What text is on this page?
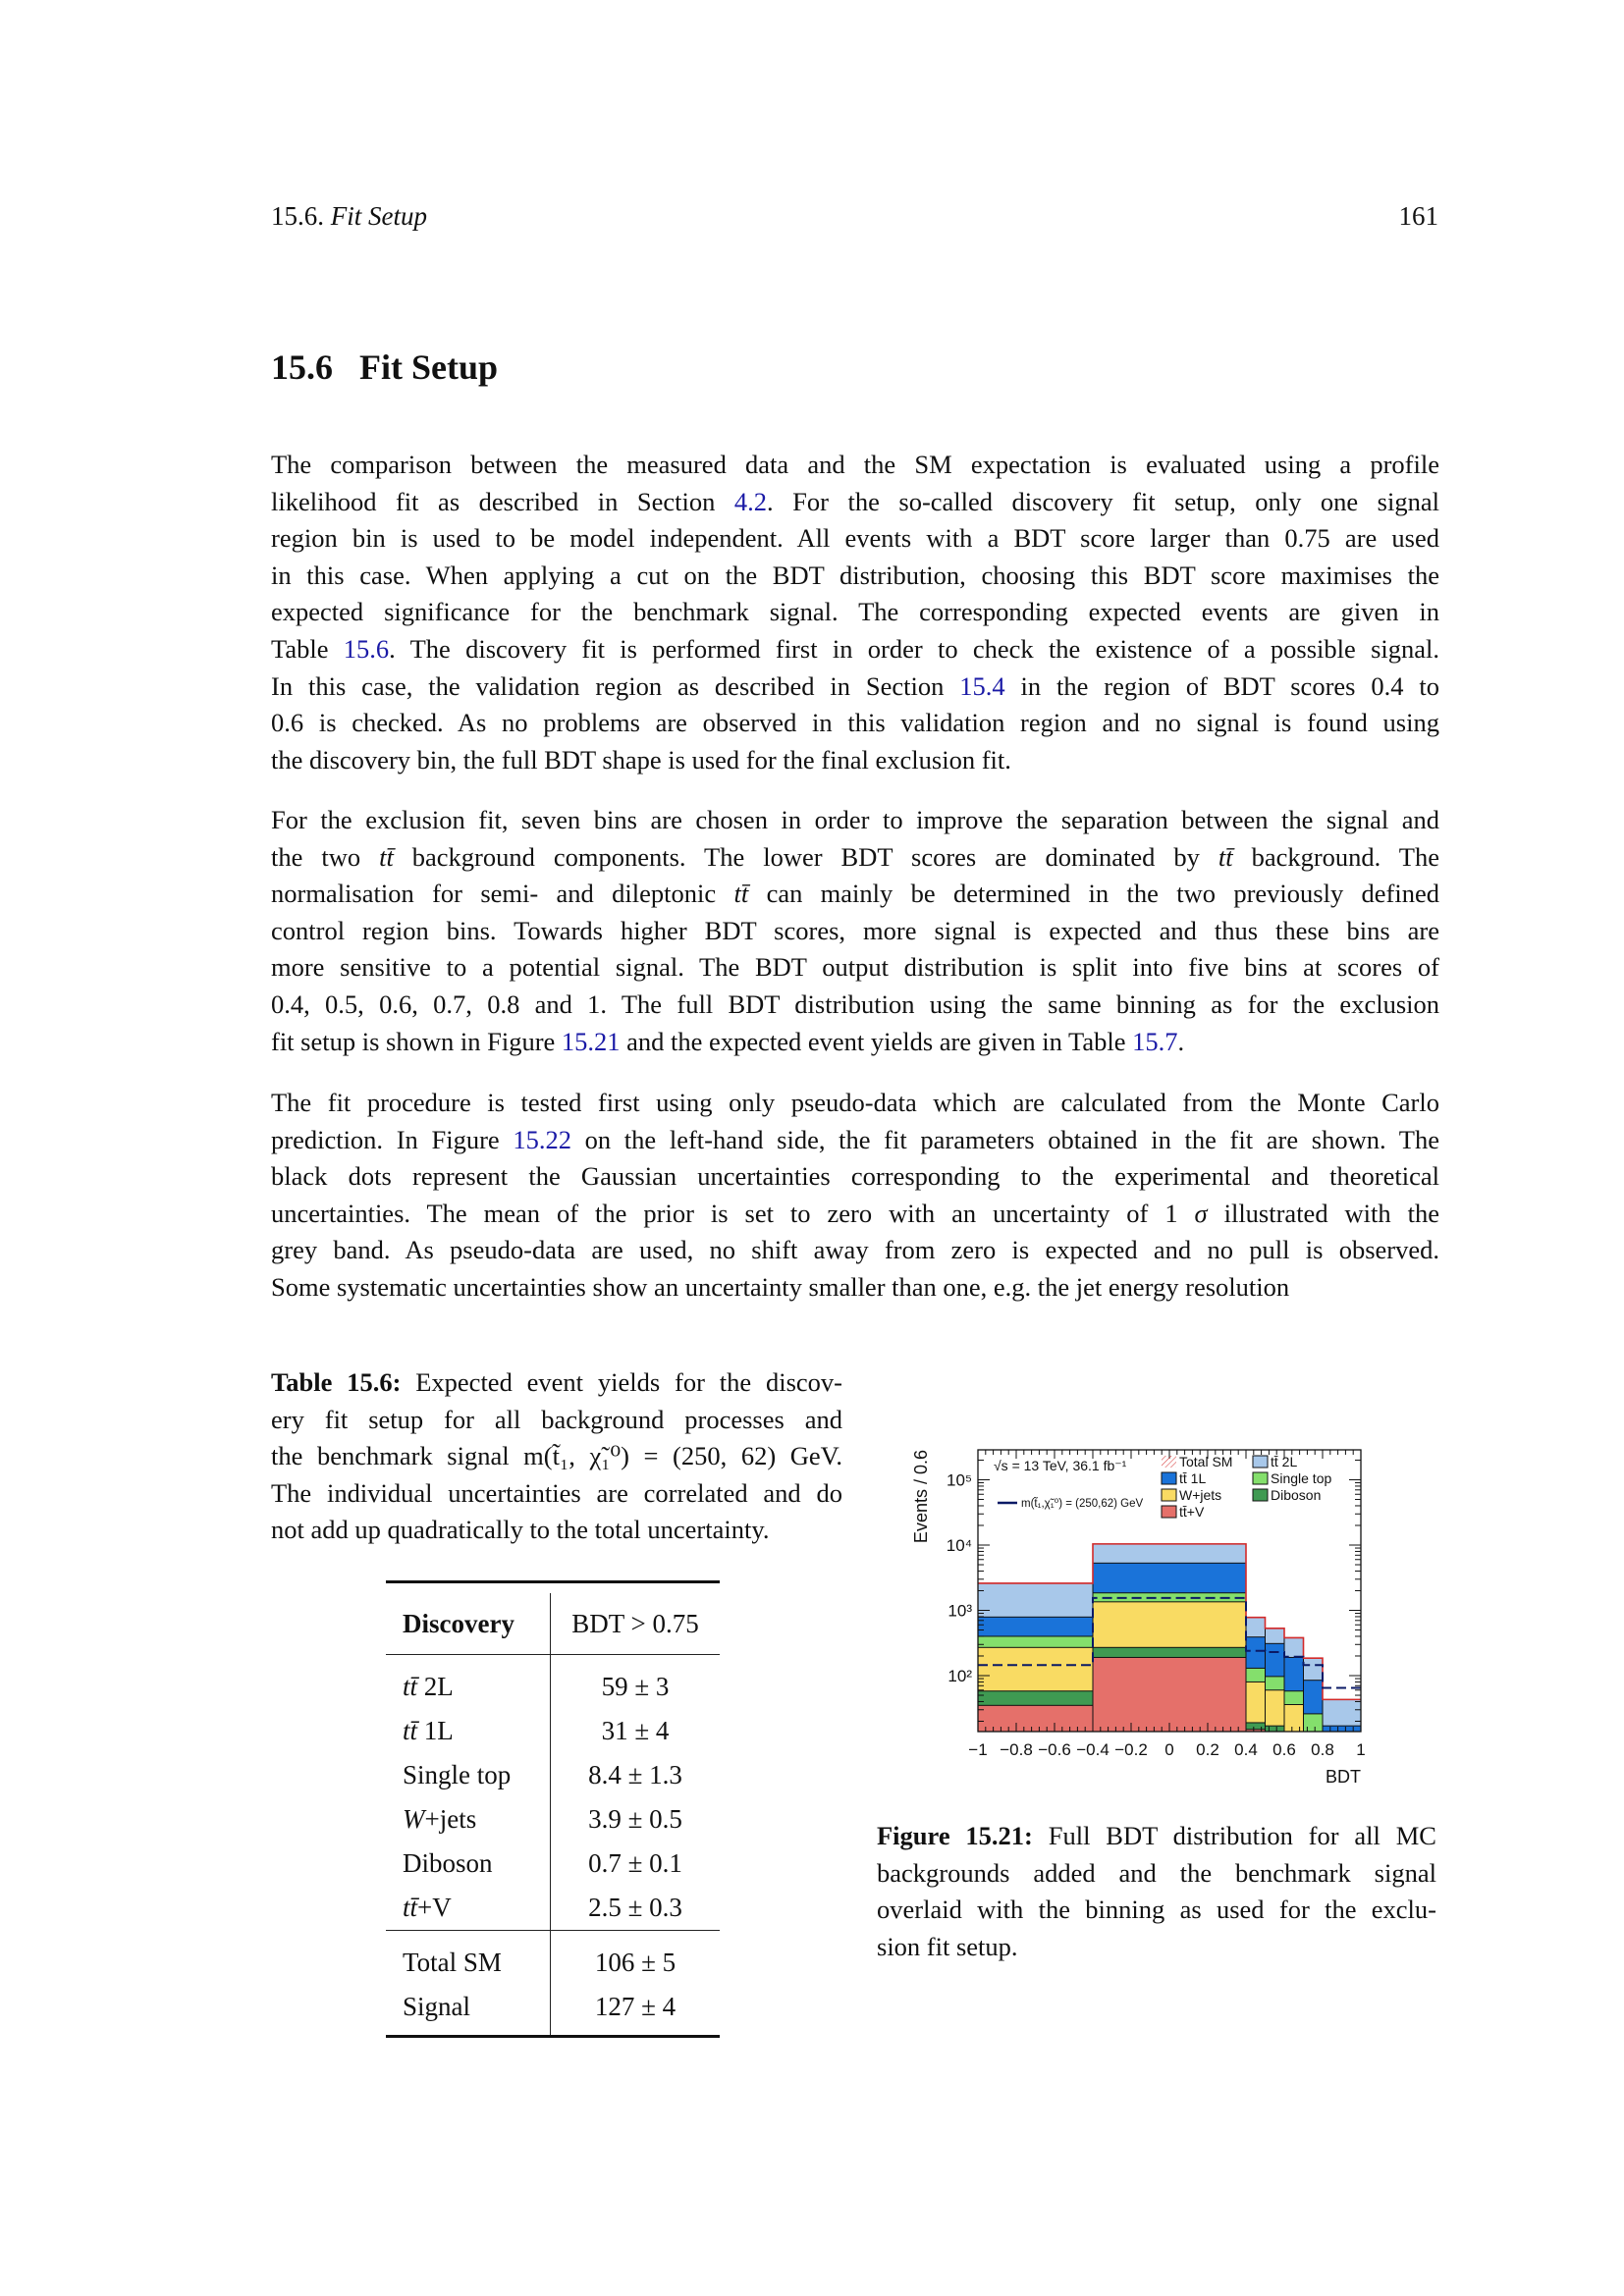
15.6. Fit Setup	161
15.6 Fit Setup
The comparison between the measured data and the SM expectation is evaluated using a profile
likelihood fit as described in Section 4.2. For the so-called discovery fit setup, only one signal
region bin is used to be model independent. All events with a BDT score larger than 0.75 are used
in this case. When applying a cut on the BDT distribution, choosing this BDT score maximises the
expected significance for the benchmark signal. The corresponding expected events are given in
Table 15.6. The discovery fit is performed first in order to check the existence of a possible signal.
In this case, the validation region as described in Section 15.4 in the region of BDT scores 0.4 to
0.6 is checked. As no problems are observed in this validation region and no signal is found using
the discovery bin, the full BDT shape is used for the final exclusion fit.
For the exclusion fit, seven bins are chosen in order to improve the separation between the signal and
the two tt̄ background components. The lower BDT scores are dominated by tt̄ background. The
normalisation for semi- and dileptonic tt̄ can mainly be determined in the two previously defined
control region bins. Towards higher BDT scores, more signal is expected and thus these bins are
more sensitive to a potential signal. The BDT output distribution is split into five bins at scores of
0.4, 0.5, 0.6, 0.7, 0.8 and 1. The full BDT distribution using the same binning as for the exclusion
fit setup is shown in Figure 15.21 and the expected event yields are given in Table 15.7.
The fit procedure is tested first using only pseudo-data which are calculated from the Monte Carlo
prediction. In Figure 15.22 on the left-hand side, the fit parameters obtained in the fit are shown. The
black dots represent the Gaussian uncertainties corresponding to the experimental and theoretical
uncertainties. The mean of the prior is set to zero with an uncertainty of 1 σ illustrated with the
grey band. As pseudo-data are used, no shift away from zero is expected and no pull is observed.
Some systematic uncertainties show an uncertainty smaller than one, e.g. the jet energy resolution
Table 15.6: Expected event yields for the discov-
ery fit setup for all background processes and
the benchmark signal m(t̃₁, χ̃₁⁰) = (250, 62) GeV.
The individual uncertainties are correlated and do
not add up quadratically to the total uncertainty.

Discovery	BDT > 0.75
tt̄ 2L	59 ± 3
tt̄ 1L	31 ± 4
Single top	8.4 ± 1.3
W+jets	3.9 ± 0.5
Diboson	0.7 ± 0.1
tt̄+V	2.5 ± 0.3
Total SM	106 ± 5
Signal	127 ± 4
−1 −0.8 −0.6 −0.4 −0.2 0 0.2 0.4 0.6 0.8 1
10²
10³
10⁴
10⁵
BDT
Events / 0.6	√s = 13 TeV, 36.1 fb⁻¹
m(t̃₁,χ̃₁⁰) = (250,62) GeV
Total SM	tt̄ 2L
tt̄ 1L	Single top
W+jets	Diboson
tt̄+V
Figure 15.21: Full BDT distribution for all MC
backgrounds added and the benchmark signal
overlaid with the binning as used for the exclu-
sion fit setup.
